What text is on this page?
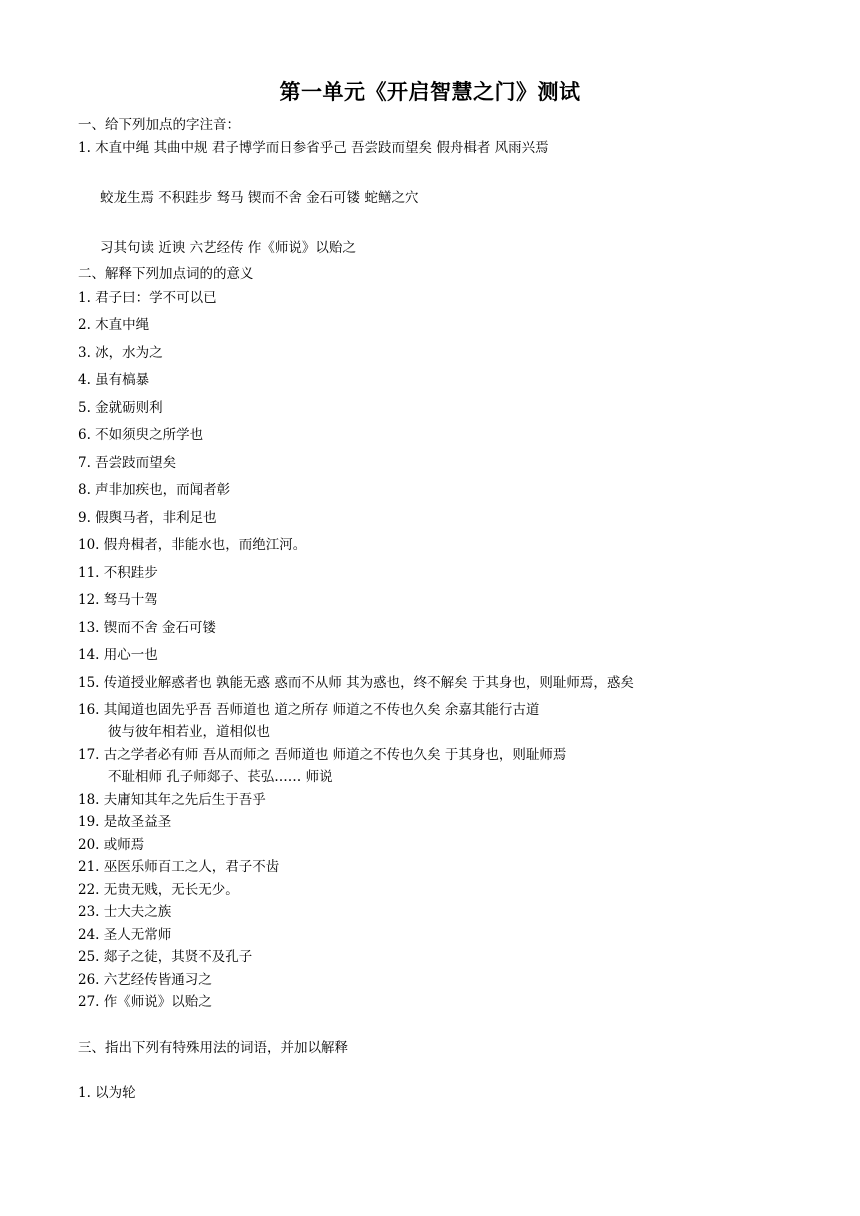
第一单元《开启智慧之门》测试
一、给下列加点的字注音：
1. 木直中绳 其曲中规 君子博学而日参省乎己 吾尝跂而望矣 假舟楫者 风雨兴焉
蛟龙生焉 不积跬步 驽马 锲而不舍 金石可镂 蛇鳝之穴
习其句读 近谀 六艺经传 作《师说》以贻之
二、解释下列加点词的的意义
1. 君子曰：学不可以已
2. 木直中绳
3. 冰，水为之
4. 虽有槁暴
5. 金就砺则利
6. 不如须臾之所学也
7. 吾尝跂而望矣
8. 声非加疾也，而闻者彰
9. 假舆马者，非利足也
10. 假舟楫者，非能水也，而绝江河。
11. 不积跬步
12. 驽马十驾
13. 锲而不舍 金石可镂
14. 用心一也
15. 传道授业解惑者也 孰能无惑 惑而不从师 其为惑也，终不解矣 于其身也，则耻师焉，惑矣
16. 其闻道也固先乎吾 吾师道也 道之所存 师道之不传也久矣 余嘉其能行古道
彼与彼年相若业，道相似也
17. 古之学者必有师 吾从而师之 吾师道也 师道之不传也久矣 于其身也，则耻师焉
不耻相师 孔子师郯子、苌弘…… 师说
18. 夫庸知其年之先后生于吾乎
19. 是故圣益圣
20. 或师焉
21. 巫医乐师百工之人，君子不齿
22. 无贵无贱，无长无少。
23. 士大夫之族
24. 圣人无常师
25. 郯子之徒，其贤不及孔子
26. 六艺经传皆通习之
27. 作《师说》以贻之
三、指出下列有特殊用法的词语，并加以解释
1. 以为轮
